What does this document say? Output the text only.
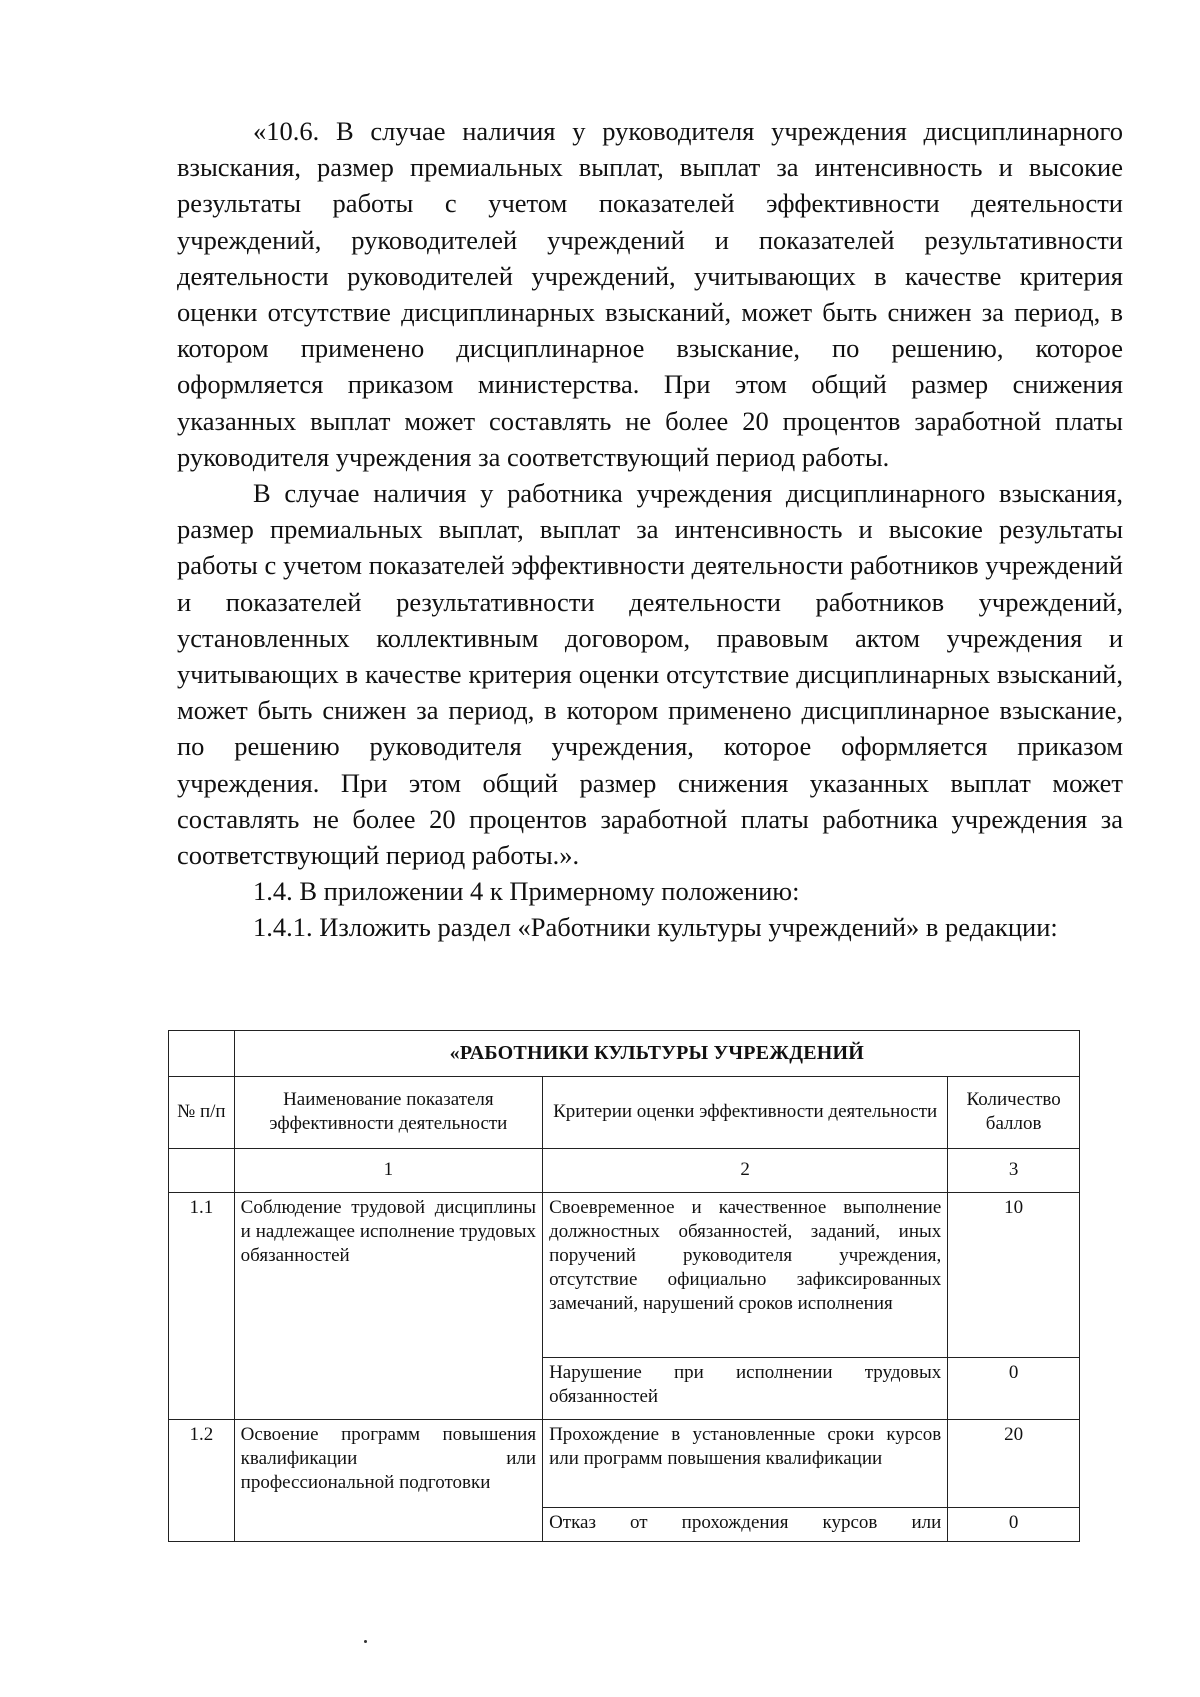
«10.6. В случае наличия у руководителя учреждения дисциплинарного взыскания, размер премиальных выплат, выплат за интенсивность и высокие результаты работы с учетом показателей эффективности деятельности учреждений, руководителей учреждений и показателей результативности деятельности руководителей учреждений, учитывающих в качестве критерия оценки отсутствие дисциплинарных взысканий, может быть снижен за период, в котором применено дисциплинарное взыскание, по решению, которое оформляется приказом министерства. При этом общий размер снижения указанных выплат может составлять не более 20 процентов заработной платы руководителя учреждения за соответствующий период работы.

В случае наличия у работника учреждения дисциплинарного взыскания, размер премиальных выплат, выплат за интенсивность и высокие результаты работы с учетом показателей эффективности деятельности работников учреждений и показателей результативности деятельности работников учреждений, установленных коллективным договором, правовым актом учреждения и учитывающих в качестве критерия оценки отсутствие дисциплинарных взысканий, может быть снижен за период, в котором применено дисциплинарное взыскание, по решению руководителя учреждения, которое оформляется приказом учреждения. При этом общий размер снижения указанных выплат может составлять не более 20 процентов заработной платы работника учреждения за соответствующий период работы.».

1.4. В приложении 4 к Примерному положению:

1.4.1. Изложить раздел «Работники культуры учреждений» в редакции:

	«РАБОТНИКИ КУЛЬТУРЫ УЧРЕЖДЕНИЙ		
№ п/п	Наименование показателя эффективности деятельности	Критерии оценки эффективности деятельности	Количество баллов
	1	2	3
1.1	Соблюдение трудовой дисциплины и надлежащее исполнение трудовых обязанностей	Своевременное и качественное выполнение должностных обязанностей, заданий, иных поручений руководителя учреждения, отсутствие официально зафиксированных замечаний, нарушений сроков исполнения	10
		Нарушение при исполнении трудовых обязанностей	0
1.2	Освоение программ повышения квалификации или профессиональной подготовки	Прохождение в установленные сроки курсов или программ повышения квалификации	20
		Отказ от прохождения курсов или	0
